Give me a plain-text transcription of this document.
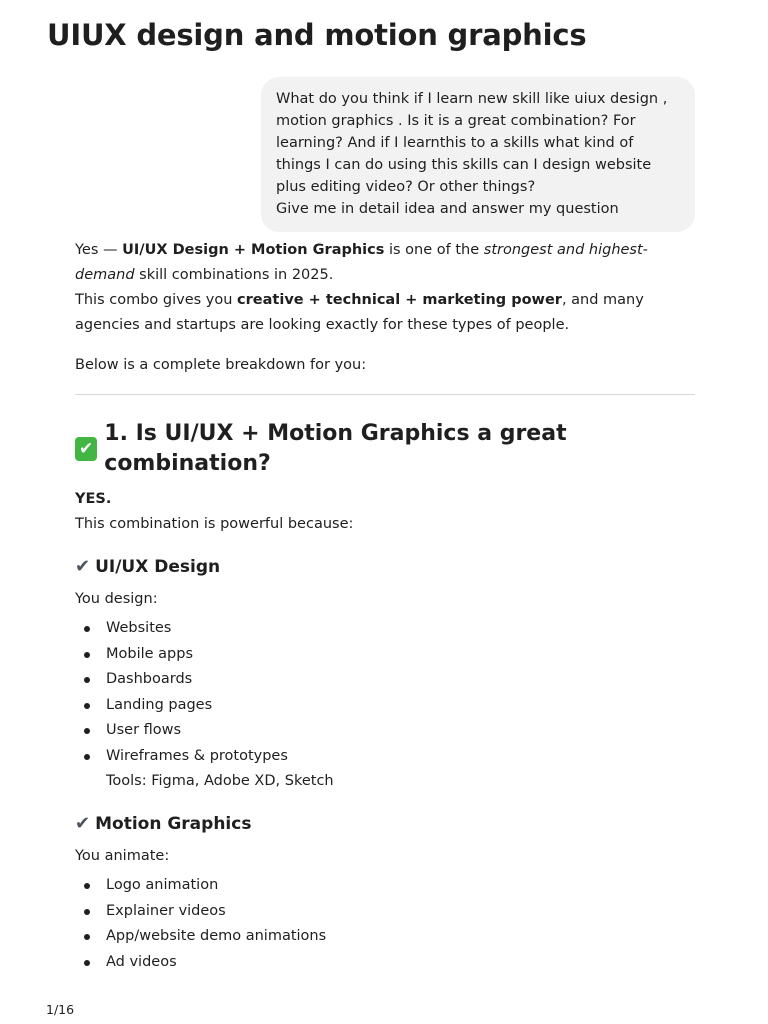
UIUX design and motion graphics

What do you think if I learn new skill like uiux design , motion graphics . Is it is a great combination? For learning? And if I learnthis to a skills what kind of things I can do using this skills can I design website plus editing video? Or other things?

Give me in detail idea and answer my question

Yes — UI/UX Design + Motion Graphics is one of the strongest and highest-demand skill combinations in 2025.

This combo gives you creative + technical + marketing power, and many agencies and startups are looking exactly for these types of people.

Below is a complete breakdown for you:

✔
1. Is UI/UX + Motion Graphics a great combination?

YES.

This combination is powerful because:

✔ UI/UX Design

You design:

Websites
Mobile apps
Dashboards
Landing pages
User flows
Wireframes & prototypes
Tools: Figma, Adobe XD, Sketch
✔ Motion Graphics

You animate:

Logo animation
Explainer videos
App/website demo animations
Ad videos
1/16
